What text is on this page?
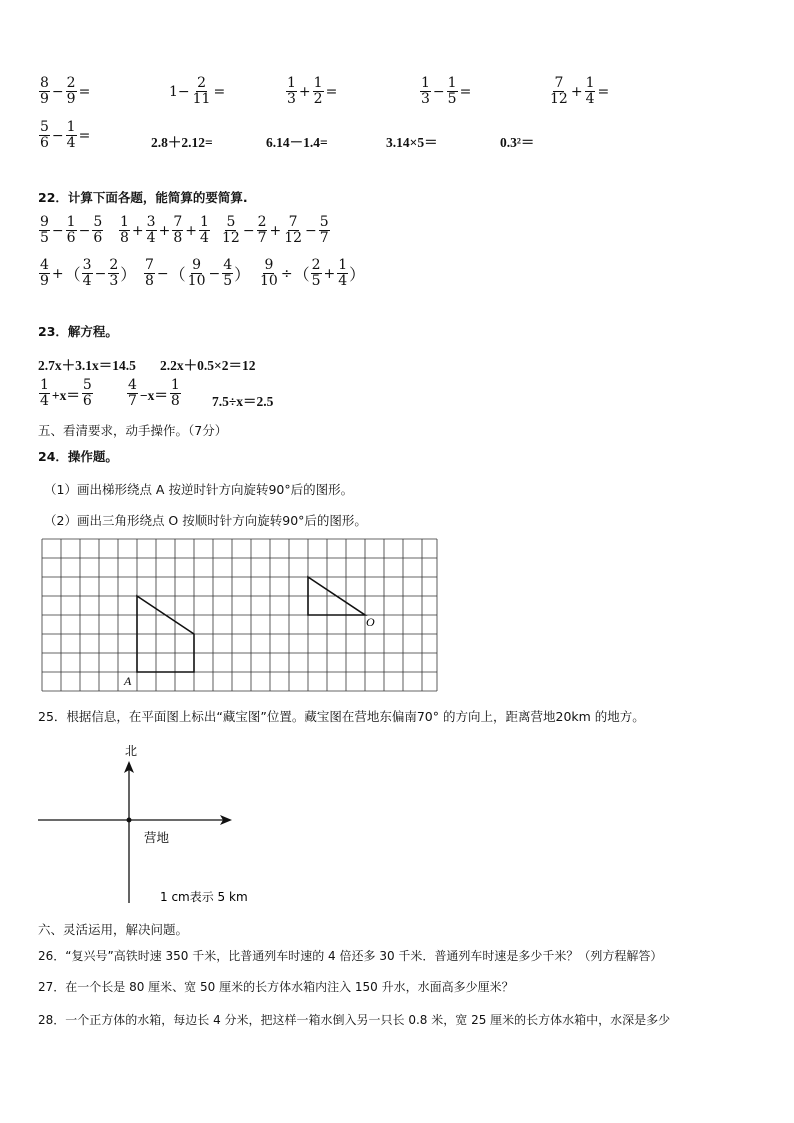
$\frac{8}{9} - \frac{2}{9}$ =	$1- \frac{2}{11}$ =	$\frac{1}{3} + \frac{1}{2}$ =	$\frac{1}{3} - \frac{1}{5}$ =	$\frac{7}{12} + \frac{1}{4}$ =
$\frac{5}{6} - \frac{1}{4}$ =	2.8＋2.12=	6.14－1.4=	3.14×5＝	0.3²＝
22．计算下面各题，能简算的要简算.
$\frac{9}{5} - \frac{1}{6} - \frac{5}{6} \frac{1}{8} + \frac{3}{4} + \frac{7}{8} + \frac{1}{4} \frac{5}{12} - \frac{2}{7} + \frac{7}{12} - \frac{5}{7}$
$\frac{4}{9}$ +（ $\frac{3}{4} - \frac{2}{3}$ ） $\frac{7}{8}$ −（ $\frac{9}{10} - \frac{4}{5}$ ） $\frac{9}{10}$ ÷（ $\frac{2}{5} + \frac{1}{4}$ ）
23．解方程。
2.7x＋3.1x＝14.5 2.2x＋0.5×2＝12
$\frac{1}{4} +x= \frac{5}{6} \frac{4}{7} -x= \frac{1}{8} 7.5\div x=2.5$
五、看清要求，动手操作。（7分）
24．操作题。
（1）画出梯形绕点 A 按逆时针方向旋转90°后的图形。
（2）画出三角形绕点 O 按顺时针方向旋转90°后的图形。
A
O
25．根据信息，在平面图上标出“藏宝图”位置。藏宝图在营地东偏南70° 的方向上，距离营地20km 的地方。
北
营地
1 cm表示 5 km
六、灵活运用，解决问题。
26．“复兴号”高铁时速 350 千米，比普通列车时速的 4 倍还多 30 千米．普通列车时速是多少千米？（列方程解答）
27．在一个长是 80 厘米、宽 50 厘米的长方体水箱内注入 150 升水，水面高多少厘米？
28．一个正方体的水箱，每边长 4 分米，把这样一箱水倒入另一只长 0.8 米，宽 25 厘米的长方体水箱中，水深是多少
